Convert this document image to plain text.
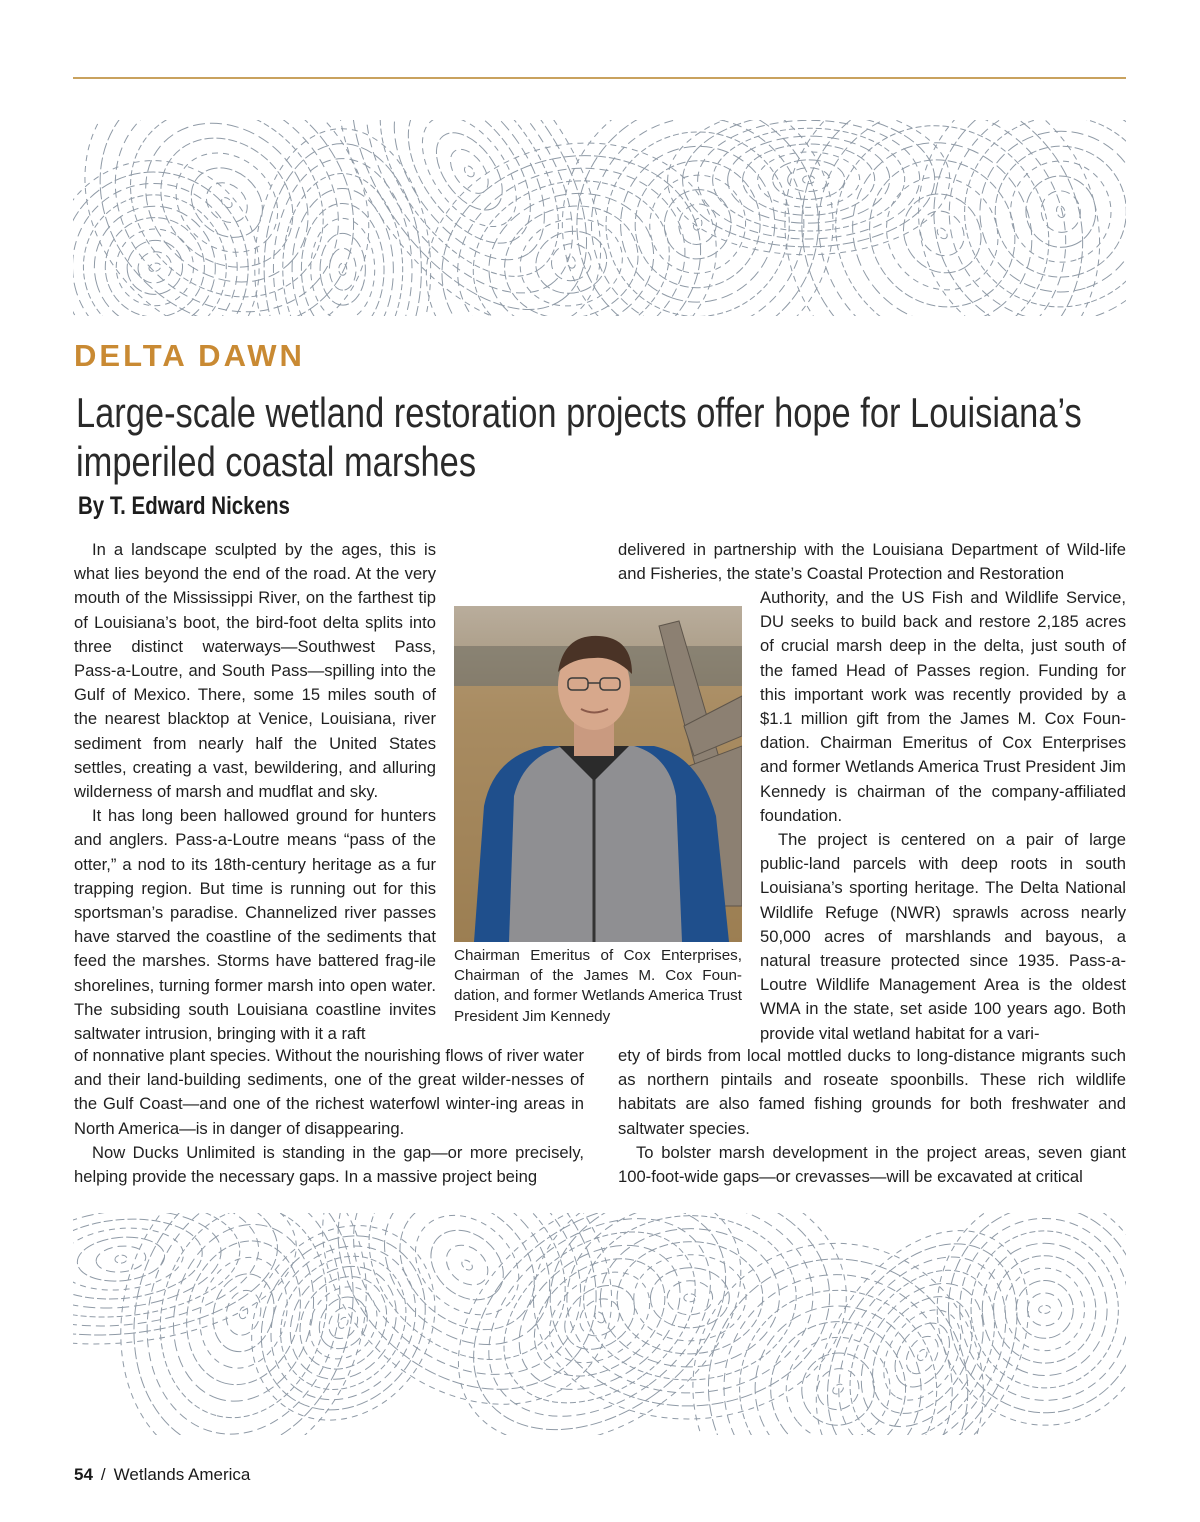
DELTA DAWN
Large-scale wetland restoration projects offer hope for Louisiana’s imperiled coastal marshes

By T. Edward Nickens

In a landscape sculpted by the ages, this is what lies beyond the end of the road. At the very mouth of the Mississippi River, on the farthest tip of Louisiana’s boot, the bird-foot delta splits into three distinct waterways—Southwest Pass, Pass-a-Loutre, and South Pass—spilling into the Gulf of Mexico. There, some 15 miles south of the nearest blacktop at Venice, Louisiana, river sediment from nearly half the United States settles, creating a vast, bewildering, and alluring wilderness of marsh and mudflat and sky.

It has long been hallowed ground for hunters and anglers. Pass-a-Loutre means “pass of the otter,” a nod to its 18th-century heritage as a fur trapping region. But time is running out for this sportsman’s paradise. Channelized river passes have starved the coastline of the sediments that feed the marshes. Storms have battered frag-ile shorelines, turning former marsh into open water. The subsiding south Louisiana coastline invites saltwater intrusion, bringing with it a raft

Chairman Emeritus of Cox Enterprises, Chairman of the James M. Cox Foun-dation, and former Wetlands America Trust President Jim Kennedy

of nonnative plant species. Without the nourishing flows of river water and their land-building sediments, one of the great wilder-nesses of the Gulf Coast—and one of the richest waterfowl winter-ing areas in North America—is in danger of disappearing.

Now Ducks Unlimited is standing in the gap—or more precisely, helping provide the necessary gaps. In a massive project being

delivered in partnership with the Louisiana Department of Wild-life and Fisheries, the state’s Coastal Protection and Restoration

Authority, and the US Fish and Wildlife Service, DU seeks to build back and restore 2,185 acres of crucial marsh deep in the delta, just south of the famed Head of Passes region. Funding for this important work was recently provided by a $1.1 million gift from the James M. Cox Foun-dation. Chairman Emeritus of Cox Enterprises and former Wetlands America Trust President Jim Kennedy is chairman of the company-affiliated foundation.

The project is centered on a pair of large public-land parcels with deep roots in south Louisiana’s sporting heritage. The Delta National Wildlife Refuge (NWR) sprawls across nearly 50,000 acres of marshlands and bayous, a natural treasure protected since 1935. Pass-a-Loutre Wildlife Management Area is the oldest WMA in the state, set aside 100 years ago. Both provide vital wetland habitat for a vari-

ety of birds from local mottled ducks to long-distance migrants such as northern pintails and roseate spoonbills. These rich wildlife habitats are also famed fishing grounds for both freshwater and saltwater species.

To bolster marsh development in the project areas, seven giant 100-foot-wide gaps—or crevasses—will be excavated at critical

54 / Wetlands America
